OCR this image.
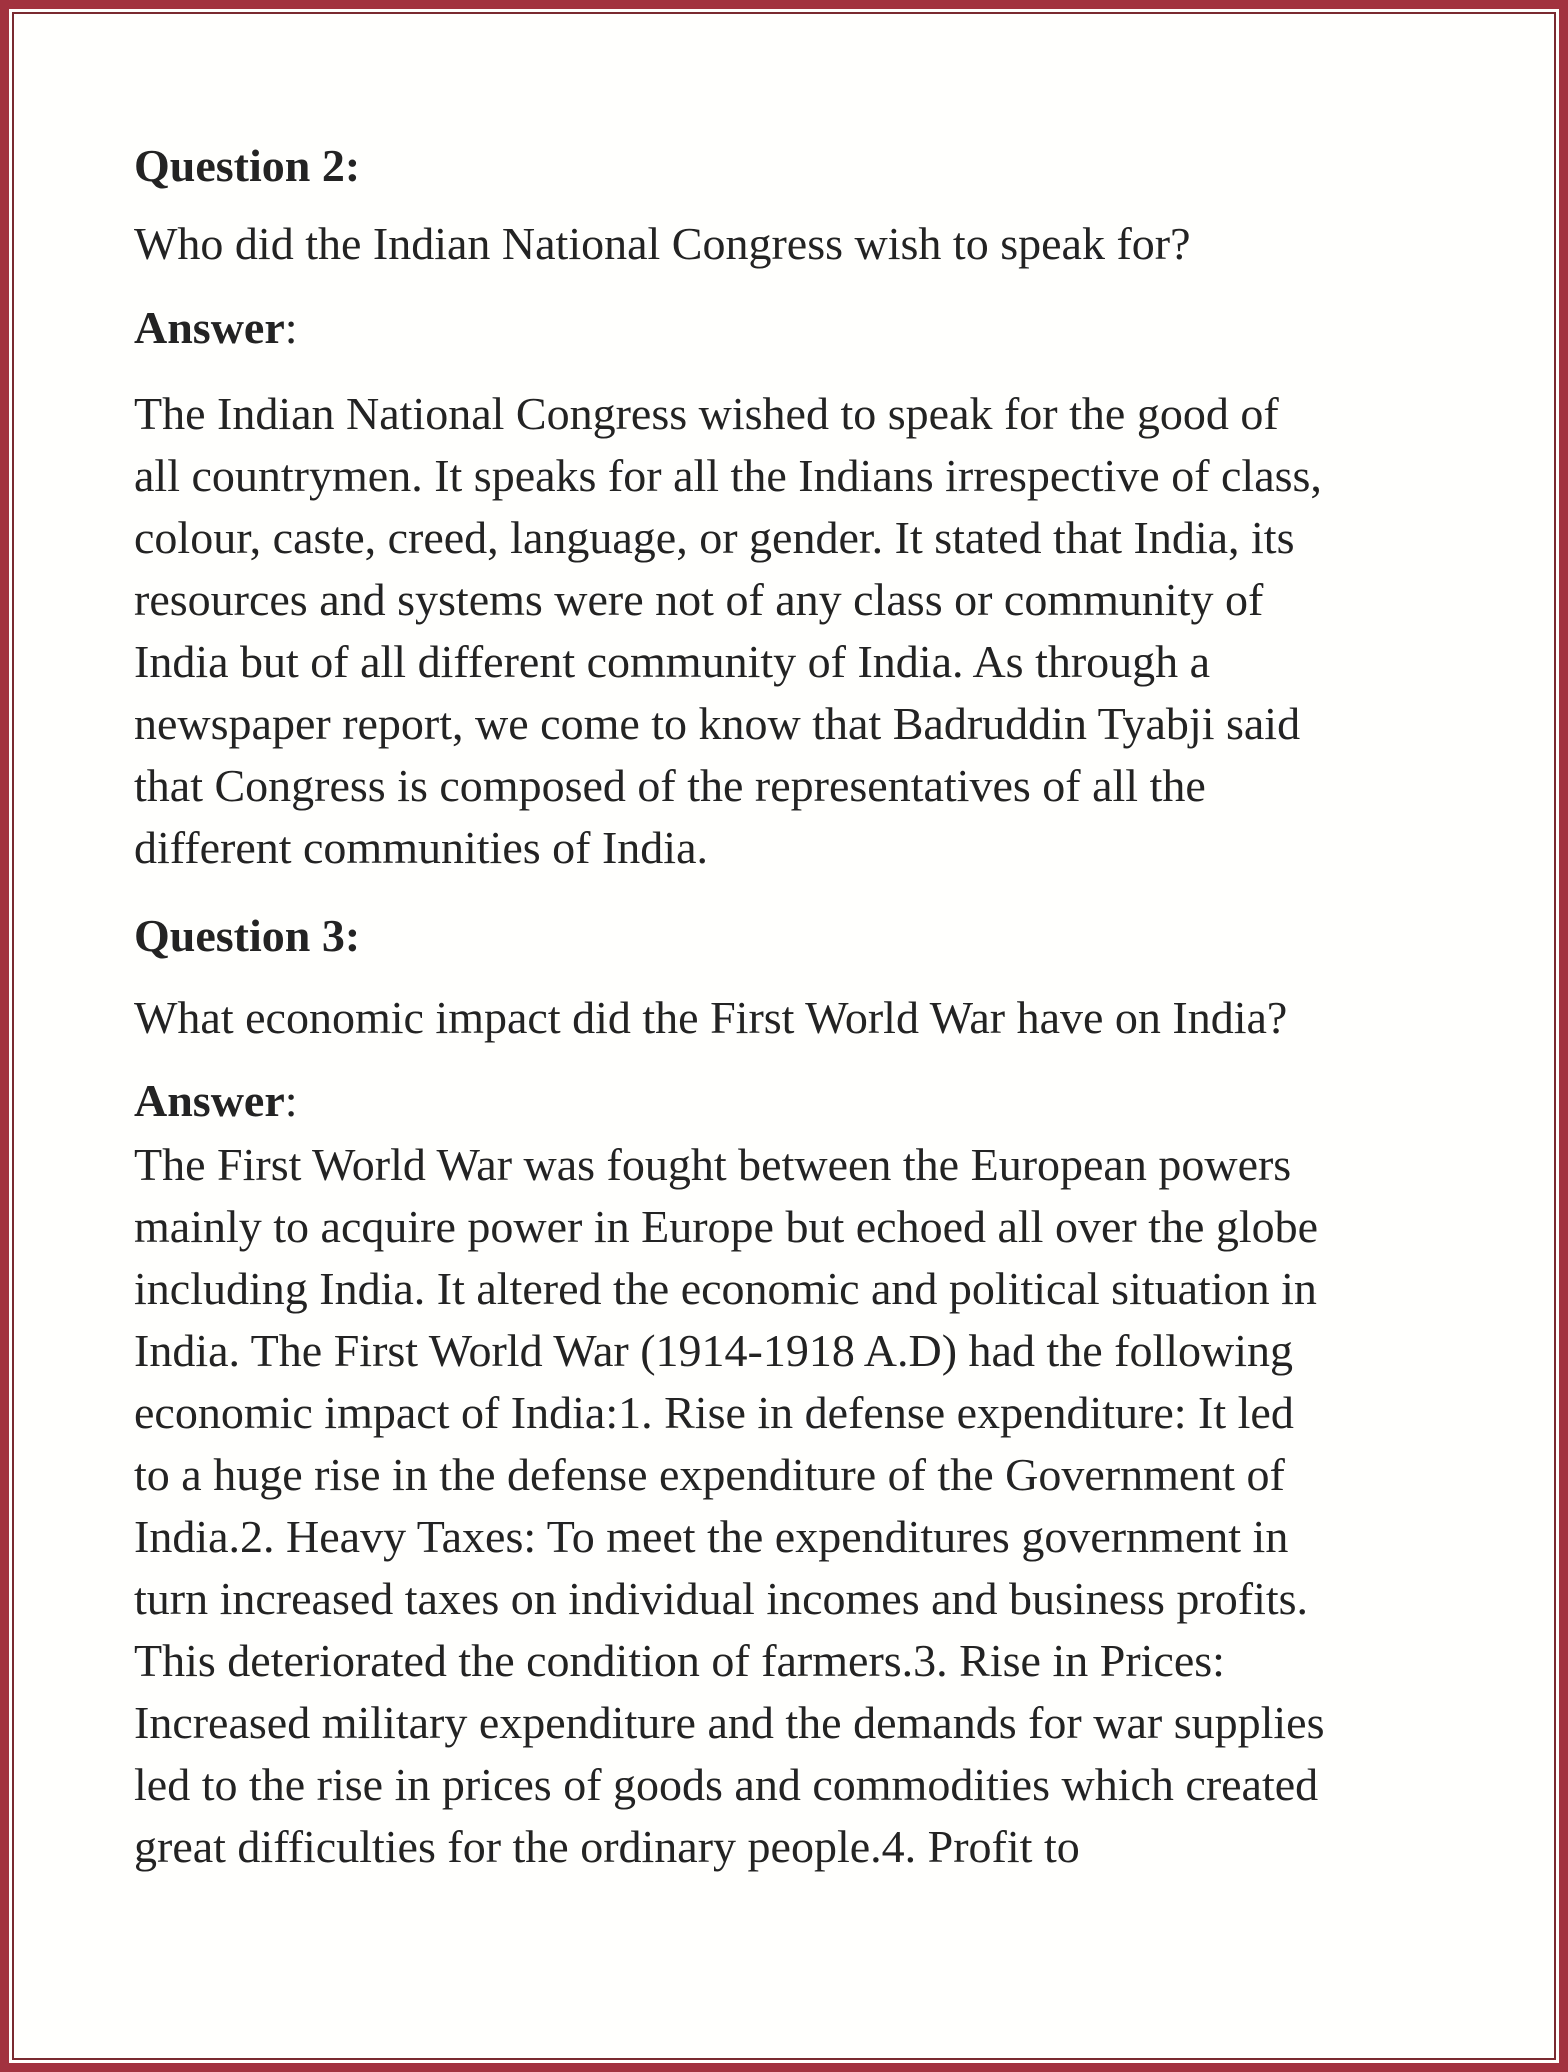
Question 2:
Who did the Indian National Congress wish to speak for?
Answer:
The Indian National Congress wished to speak for the good of
all countrymen. It speaks for all the Indians irrespective of class,
colour, caste, creed, language, or gender. It stated that India, its
resources and systems were not of any class or community of
India but of all different community of India. As through a
newspaper report, we come to know that Badruddin Tyabji said
that Congress is composed of the representatives of all the
different communities of India.
Question 3:
What economic impact did the First World War have on India?
Answer:
The First World War was fought between the European powers
mainly to acquire power in Europe but echoed all over the globe
including India. It altered the economic and political situation in
India. The First World War (1914-1918 A.D) had the following
economic impact of India:1. Rise in defense expenditure: It led
to a huge rise in the defense expenditure of the Government of
India.2. Heavy Taxes: To meet the expenditures government in
turn increased taxes on individual incomes and business profits.
This deteriorated the condition of farmers.3. Rise in Prices:
Increased military expenditure and the demands for war supplies
led to the rise in prices of goods and commodities which created
great difficulties for the ordinary people.4. Profit to
